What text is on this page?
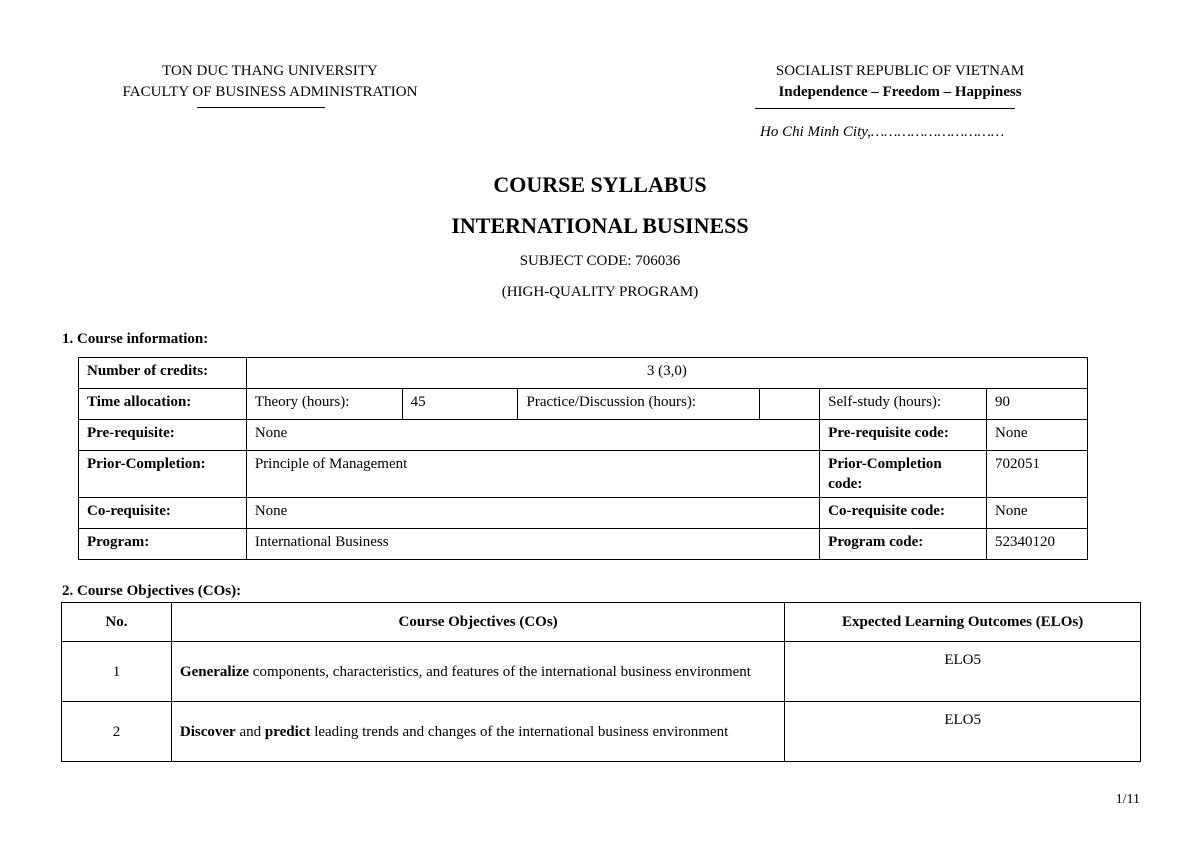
TON DUC THANG UNIVERSITY
FACULTY OF BUSINESS ADMINISTRATION
SOCIALIST REPUBLIC OF VIETNAM
Independence – Freedom – Happiness
Ho Chi Minh City,…………………………
COURSE SYLLABUS
INTERNATIONAL BUSINESS
SUBJECT CODE: 706036
(HIGH-QUALITY PROGRAM)
1. Course information:
Number of credits:	3 (3,0)					
Time allocation:	Theory (hours):	45	Practice/Discussion (hours):		Self-study (hours):	90
Pre-requisite:	None				Pre-requisite code:	None
Prior-Completion:	Principle of Management				Prior-Completion code:	702051
Co-requisite:	None				Co-requisite code:	None
Program:	International Business				Program code:	52340120
2. Course Objectives (COs):
No.	Course Objectives (COs)	Expected Learning Outcomes (ELOs)
1	Generalize components, characteristics, and features of the international business environment	ELO5
2	Discover and predict leading trends and changes of the international business environment	ELO5
1/11
